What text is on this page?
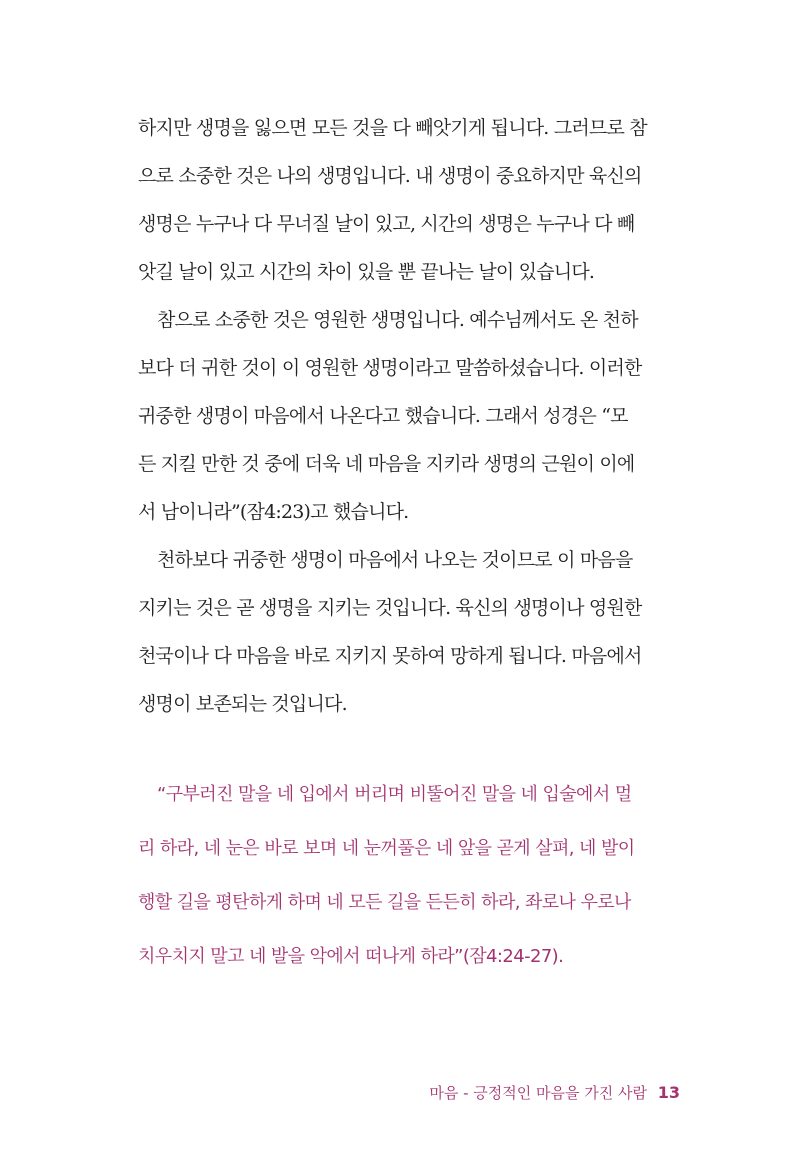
하지만 생명을 잃으면 모든 것을 다 빼앗기게 됩니다. 그러므로 참
으로 소중한 것은 나의 생명입니다. 내 생명이 중요하지만 육신의
생명은 누구나 다 무너질 날이 있고, 시간의 생명은 누구나 다 빼
앗길 날이 있고 시간의 차이 있을 뿐 끝나는 날이 있습니다.
참으로 소중한 것은 영원한 생명입니다. 예수님께서도 온 천하
보다 더 귀한 것이 이 영원한 생명이라고 말씀하셨습니다. 이러한
귀중한 생명이 마음에서 나온다고 했습니다. 그래서 성경은 “모
든 지킬 만한 것 중에 더욱 네 마음을 지키라 생명의 근원이 이에
서 남이니라”(잠4:23)고 했습니다.
천하보다 귀중한 생명이 마음에서 나오는 것이므로 이 마음을
지키는 것은 곧 생명을 지키는 것입니다. 육신의 생명이나 영원한
천국이나 다 마음을 바로 지키지 못하여 망하게 됩니다. 마음에서
생명이 보존되는 것입니다.
“구부러진 말을 네 입에서 버리며 비뚤어진 말을 네 입술에서 멀
리 하라, 네 눈은 바로 보며 네 눈꺼풀은 네 앞을 곧게 살펴, 네 발이
행할 길을 평탄하게 하며 네 모든 길을 든든히 하라, 좌로나 우로나
치우치지 말고 네 발을 악에서 떠나게 하라”(잠4:24-27).
마음 - 긍정적인 마음을 가진 사람 13
